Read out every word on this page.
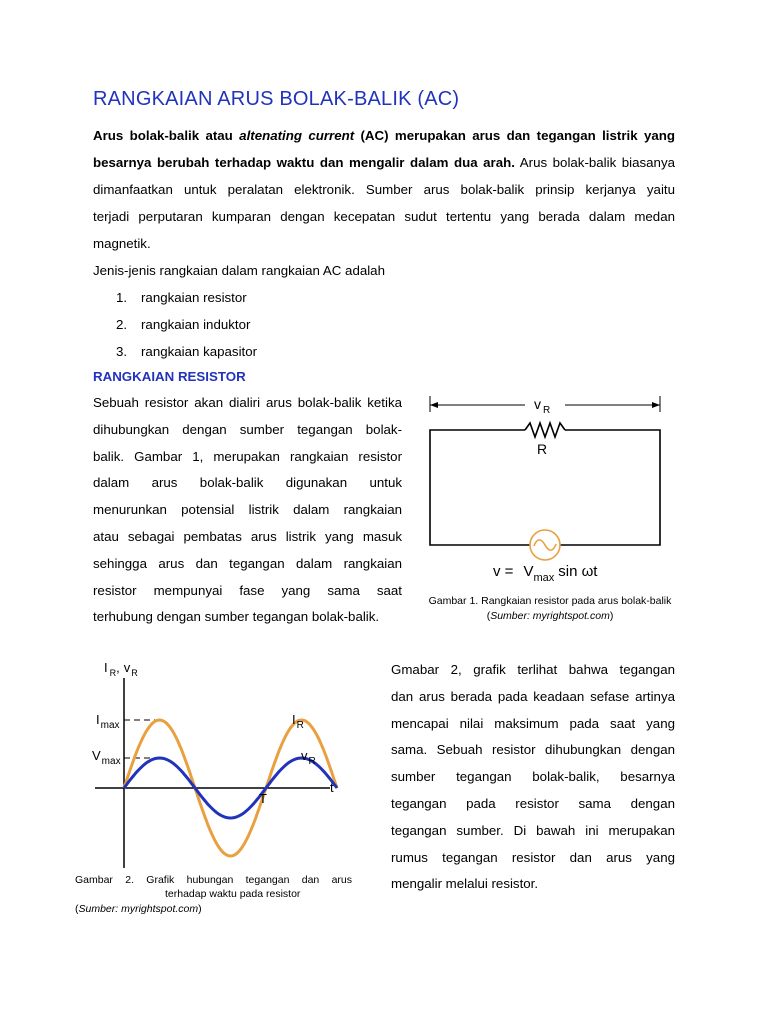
RANGKAIAN ARUS BOLAK-BALIK (AC)
Arus bolak-balik atau altenating current (AC) merupakan arus dan tegangan listrik yang
besarnya berubah terhadap waktu dan mengalir dalam dua arah. Arus bolak-balik biasanya
dimanfaatkan untuk peralatan elektronik. Sumber arus bolak-balik prinsip kerjanya yaitu
terjadi perputaran kumparan dengan kecepatan sudut tertentu yang berada dalam medan
magnetik.
Jenis-jenis rangkaian dalam rangkaian AC adalah
1. rangkaian resistor
2. rangkaian induktor
3. rangkaian kapasitor
RANGKAIAN RESISTOR
Sebuah resistor akan dialiri arus bolak-balik ketika
dihubungkan dengan sumber tegangan bolak-
balik. Gambar 1, merupakan rangkaian resistor
dalam arus bolak-balik digunakan untuk
menurunkan potensial listrik dalam rangkaian
atau sebagai pembatas arus listrik yang masuk
sehingga arus dan tegangan dalam rangkaian
resistor mempunyai fase yang sama saat
terhubung dengan sumber tegangan bolak-balik.
v $_R$
R
$v = V_{max}$ sin ωt
Gambar 1. Rangkaian resistor pada arus bolak-balik
(Sumber: myrightspot.com)
I $_R$, $v_R$
$I_{max}$
$V_{max}$
$I_R$
$v_R$
t
T
Gambar 2. Grafik hubungan tegangan dan arus
terhadap waktu pada resistor
(Sumber: myrightspot.com)
Gmabar 2, grafik terlihat bahwa tegangan
dan arus berada pada keadaan sefase artinya
mencapai nilai maksimum pada saat yang
sama. Sebuah resistor dihubungkan dengan
sumber tegangan bolak-balik, besarnya
tegangan pada resistor sama dengan
tegangan sumber. Di bawah ini merupakan
rumus tegangan resistor dan arus yang
mengalir melalui resistor.
